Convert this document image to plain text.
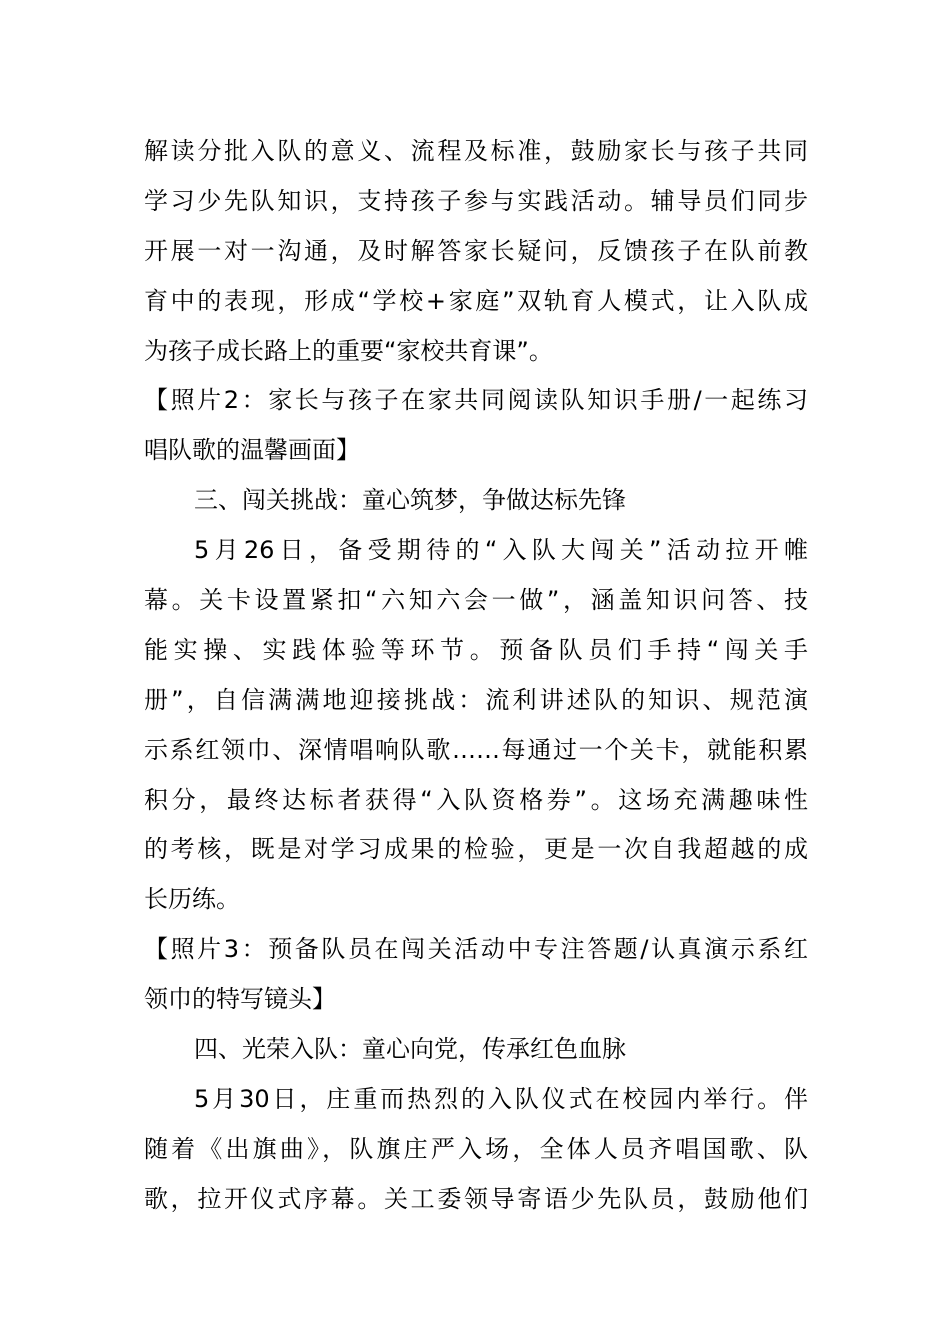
解读分批入队的意义、流程及标准，鼓励家长与孩子共同
学习少先队知识，支持孩子参与实践活动。辅导员们同步
开展一对一沟通，及时解答家长疑问，反馈孩子在队前教
育中的表现，形成“学校+家庭”双轨育人模式，让入队成
为孩子成长路上的重要“家校共育课”。
【照片2：家长与孩子在家共同阅读队知识手册/一起练习
唱队歌的温馨画面】
三、闯关挑战：童心筑梦，争做达标先锋
5月26日，备受期待的“入队大闯关”活动拉开帷
幕。关卡设置紧扣“六知六会一做”，涵盖知识问答、技
能实操、实践体验等环节。预备队员们手持“闯关手
册”，自信满满地迎接挑战：流利讲述队的知识、规范演
示系红领巾、深情唱响队歌……每通过一个关卡，就能积累
积分，最终达标者获得“入队资格券”。这场充满趣味性
的考核，既是对学习成果的检验，更是一次自我超越的成
长历练。
【照片3：预备队员在闯关活动中专注答题/认真演示系红
领巾的特写镜头】
四、光荣入队：童心向党，传承红色血脉
5月30日，庄重而热烈的入队仪式在校园内举行。伴
随着《出旗曲》，队旗庄严入场，全体人员齐唱国歌、队
歌，拉开仪式序幕。关工委领导寄语少先队员，鼓励他们
